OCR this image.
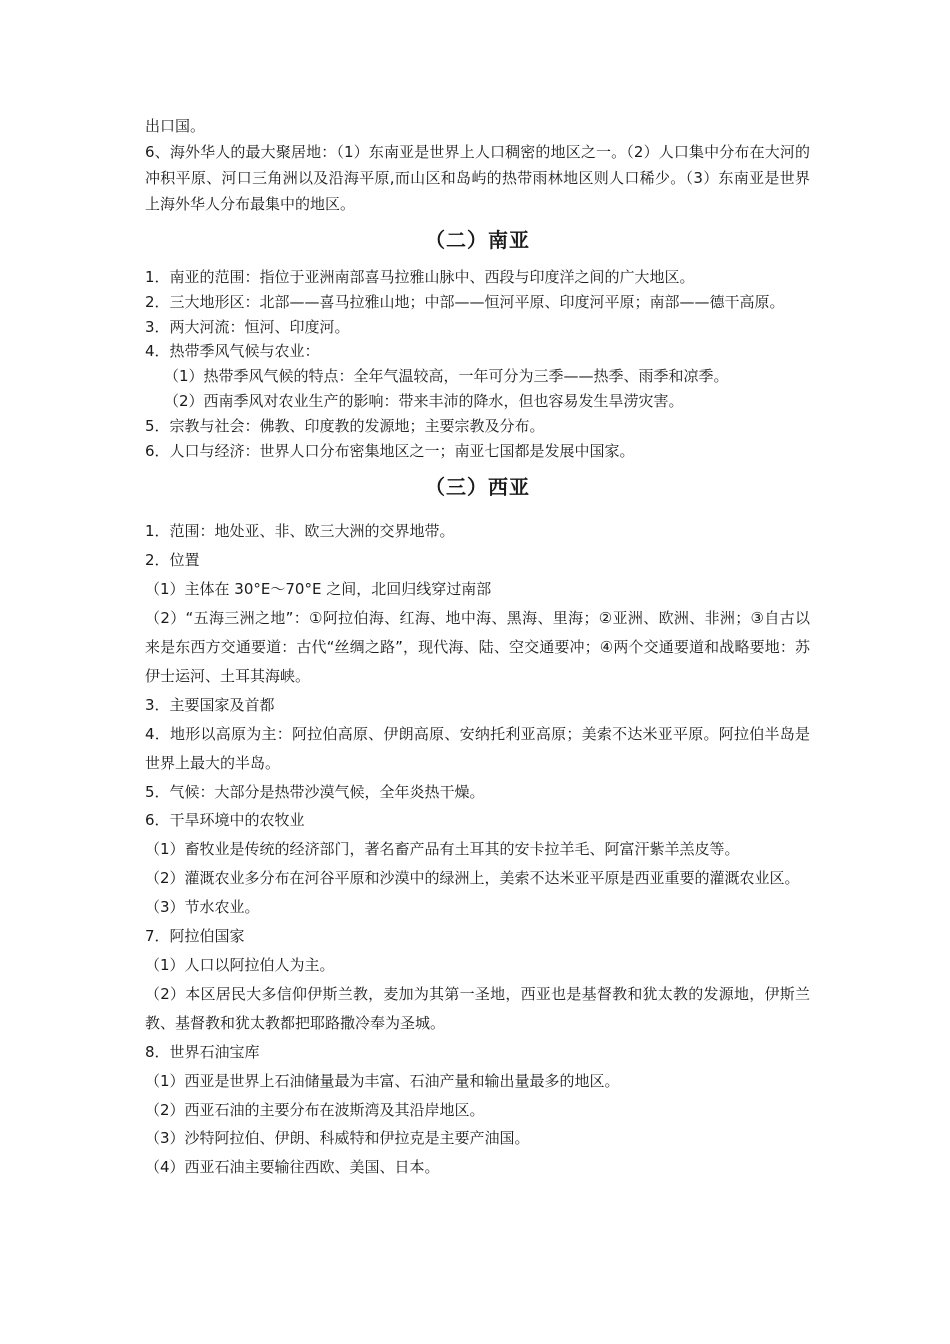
出口国。

6、海外华人的最大聚居地：（1）东南亚是世界上人口稠密的地区之一。（2）人口集中分布在大河的冲积平原、河口三角洲以及沿海平原,而山区和岛屿的热带雨林地区则人口稀少。（3）东南亚是世界上海外华人分布最集中的地区。

（二）南亚

1．南亚的范围：指位于亚洲南部喜马拉雅山脉中、西段与印度洋之间的广大地区。

2．三大地形区：北部——喜马拉雅山地；中部——恒河平原、印度河平原；南部——德干高原。

3．两大河流：恒河、印度河。

4．热带季风气候与农业：

（1）热带季风气候的特点：全年气温较高，一年可分为三季——热季、雨季和凉季。

（2）西南季风对农业生产的影响：带来丰沛的降水，但也容易发生旱涝灾害。

5．宗教与社会：佛教、印度教的发源地；主要宗教及分布。

6．人口与经济：世界人口分布密集地区之一；南亚七国都是发展中国家。

（三）西亚

1．范围：地处亚、非、欧三大洲的交界地带。

2．位置

（1）主体在 30°E～70°E 之间，北回归线穿过南部

（2）“五海三洲之地”：①阿拉伯海、红海、地中海、黑海、里海；②亚洲、欧洲、非洲；③自古以来是东西方交通要道：古代“丝绸之路”，现代海、陆、空交通要冲；④两个交通要道和战略要地：苏伊士运河、土耳其海峡。

3．主要国家及首都

4．地形以高原为主：阿拉伯高原、伊朗高原、安纳托利亚高原；美索不达米亚平原。阿拉伯半岛是世界上最大的半岛。

5．气候：大部分是热带沙漠气候，全年炎热干燥。

6．干旱环境中的农牧业

（1）畜牧业是传统的经济部门，著名畜产品有土耳其的安卡拉羊毛、阿富汗紫羊羔皮等。

（2）灌溉农业多分布在河谷平原和沙漠中的绿洲上，美索不达米亚平原是西亚重要的灌溉农业区。

（3）节水农业。

7．阿拉伯国家

（1）人口以阿拉伯人为主。

（2）本区居民大多信仰伊斯兰教，麦加为其第一圣地，西亚也是基督教和犹太教的发源地，伊斯兰教、基督教和犹太教都把耶路撒冷奉为圣城。

8．世界石油宝库

（1）西亚是世界上石油储量最为丰富、石油产量和输出量最多的地区。

（2）西亚石油的主要分布在波斯湾及其沿岸地区。

（3）沙特阿拉伯、伊朗、科威特和伊拉克是主要产油国。

（4）西亚石油主要输往西欧、美国、日本。
